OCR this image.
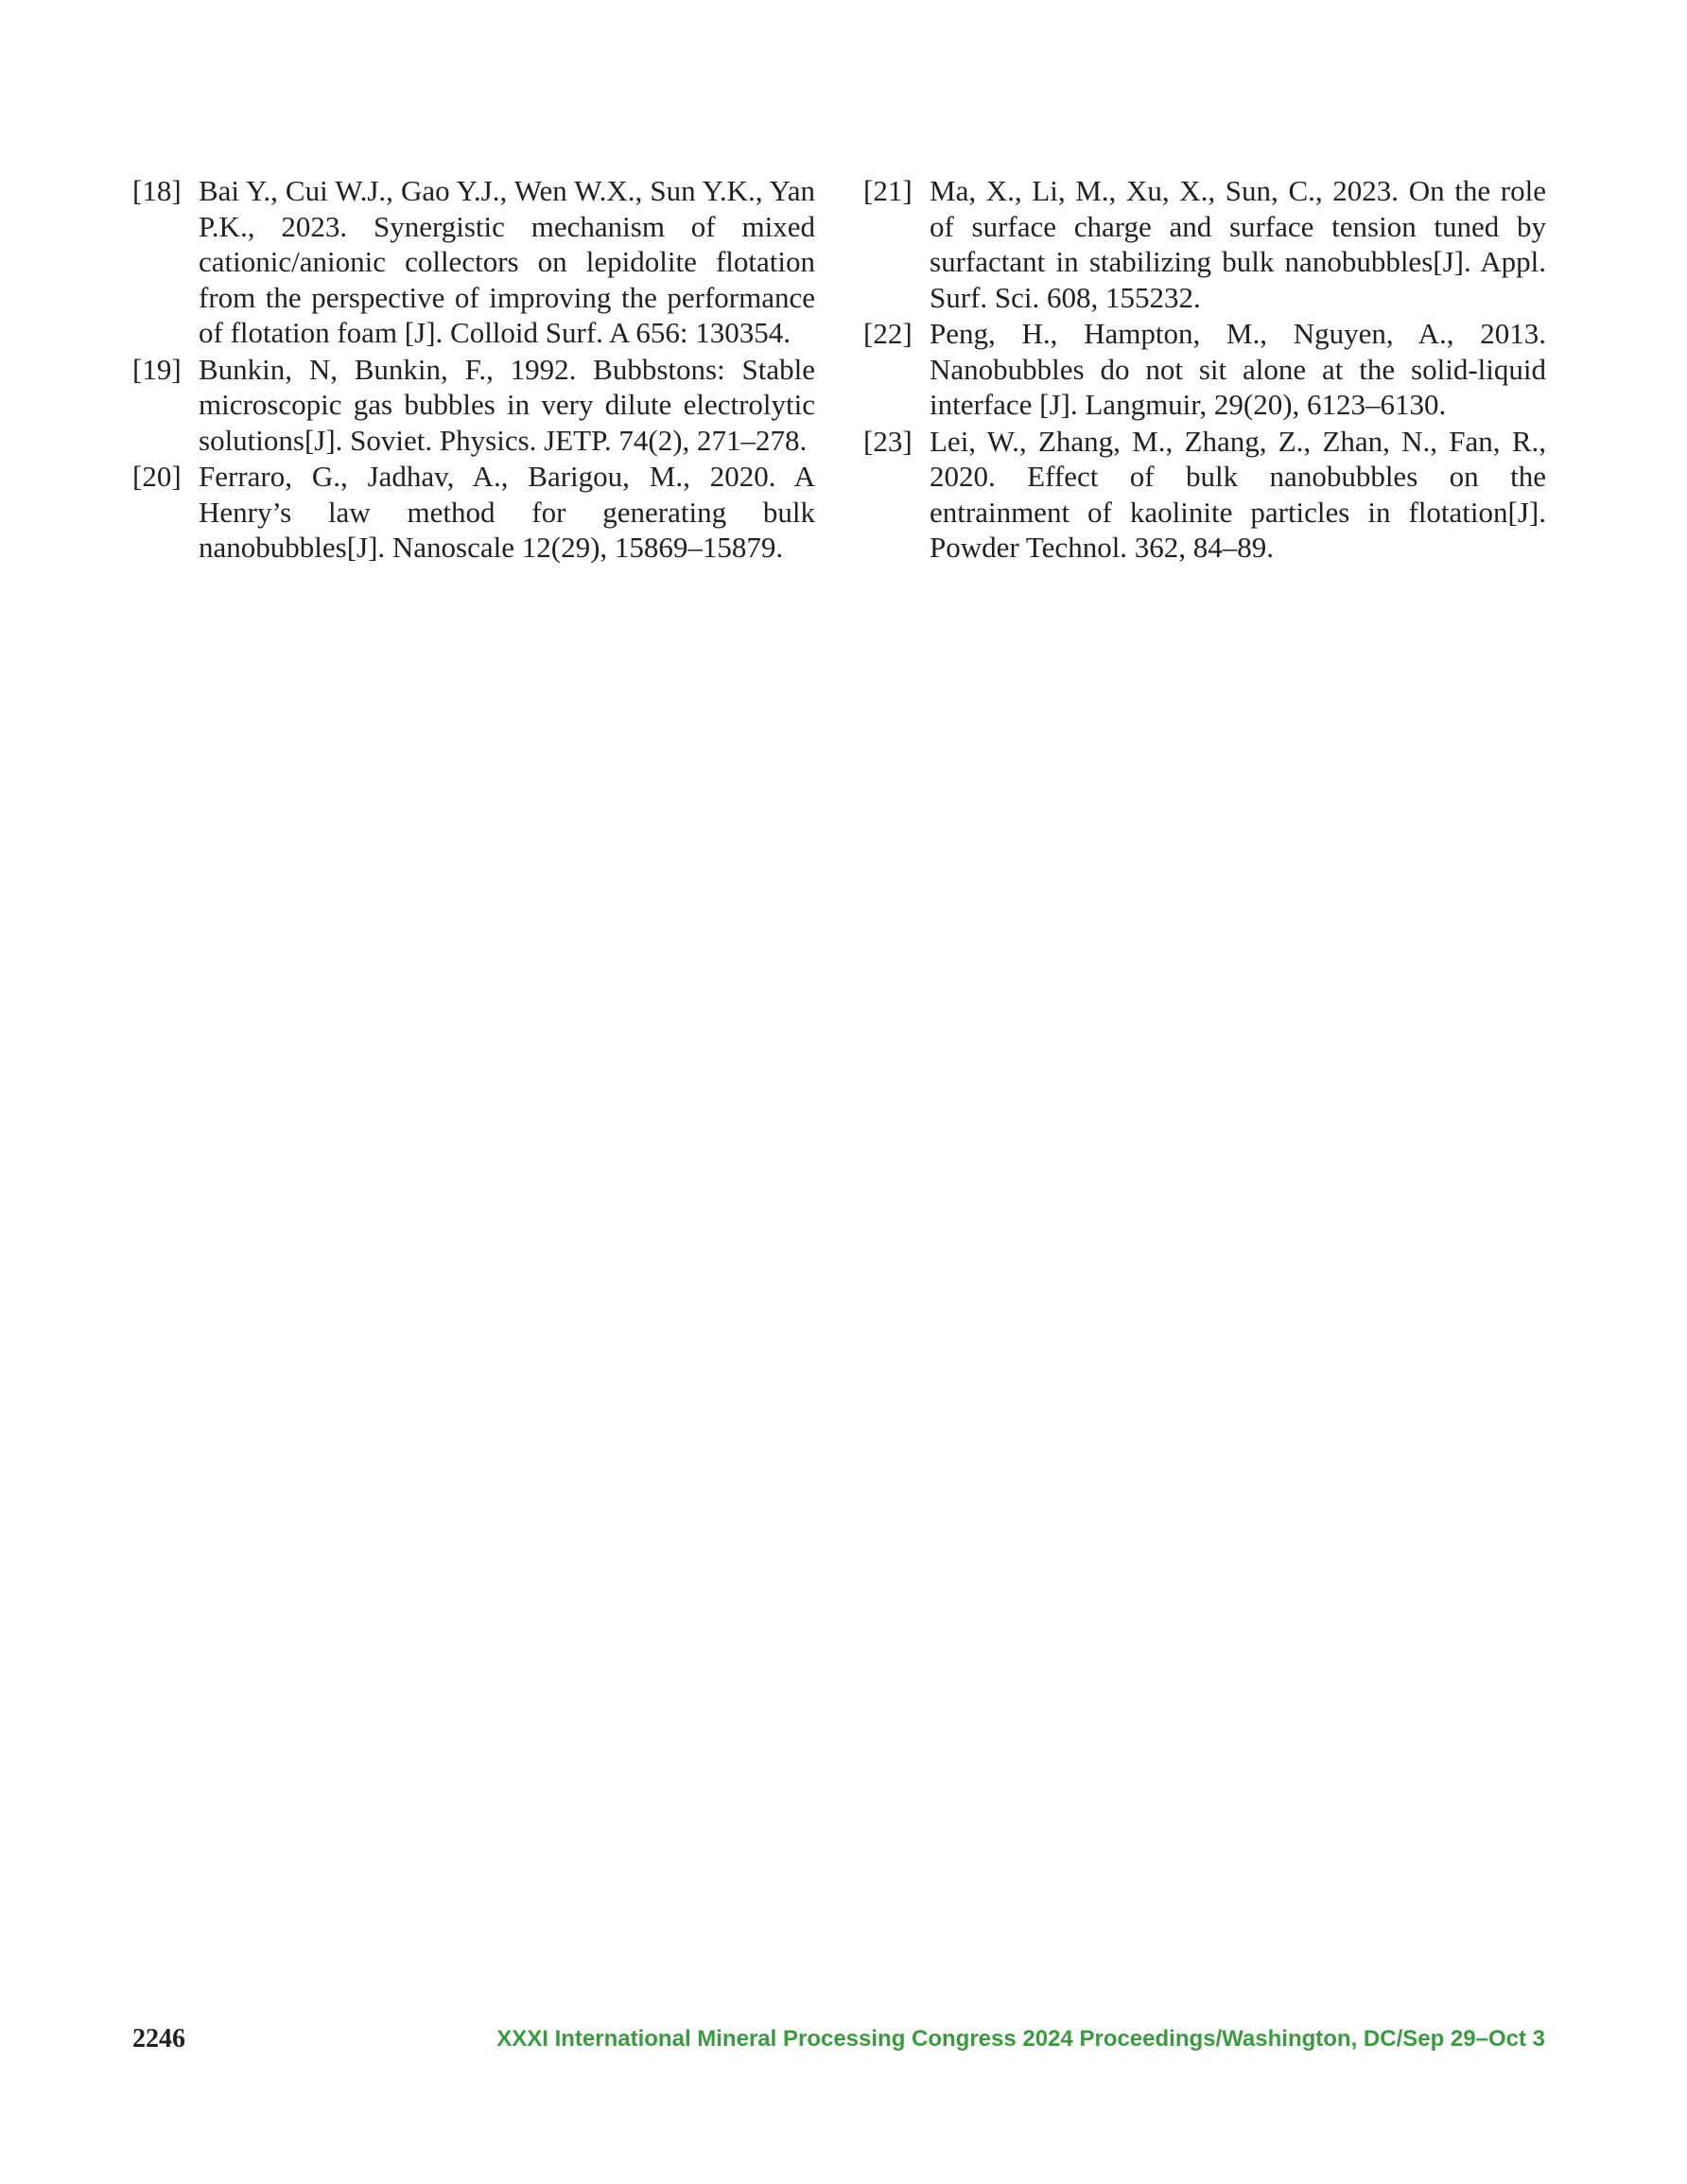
[18] Bai Y., Cui W.J., Gao Y.J., Wen W.X., Sun Y.K., Yan P.K., 2023. Synergistic mechanism of mixed cationic/anionic collectors on lepidolite flotation from the perspective of improving the performance of flotation foam [J]. Colloid Surf. A 656: 130354.
[19] Bunkin, N, Bunkin, F., 1992. Bubbstons: Stable microscopic gas bubbles in very dilute electrolytic solutions[J]. Soviet. Physics. JETP. 74(2), 271–278.
[20] Ferraro, G., Jadhav, A., Barigou, M., 2020. A Henry’s law method for generating bulk nanobubbles[J]. Nanoscale 12(29), 15869–15879.
[21] Ma, X., Li, M., Xu, X., Sun, C., 2023. On the role of surface charge and surface tension tuned by surfactant in stabilizing bulk nanobubbles[J]. Appl. Surf. Sci. 608, 155232.
[22] Peng, H., Hampton, M., Nguyen, A., 2013. Nanobubbles do not sit alone at the solid-liquid interface [J]. Langmuir, 29(20), 6123–6130.
[23] Lei, W., Zhang, M., Zhang, Z., Zhan, N., Fan, R., 2020. Effect of bulk nanobubbles on the entrainment of kaolinite particles in flotation[J]. Powder Technol. 362, 84–89.
2246	XXXI International Mineral Processing Congress 2024 Proceedings/Washington, DC/Sep 29–Oct 3
